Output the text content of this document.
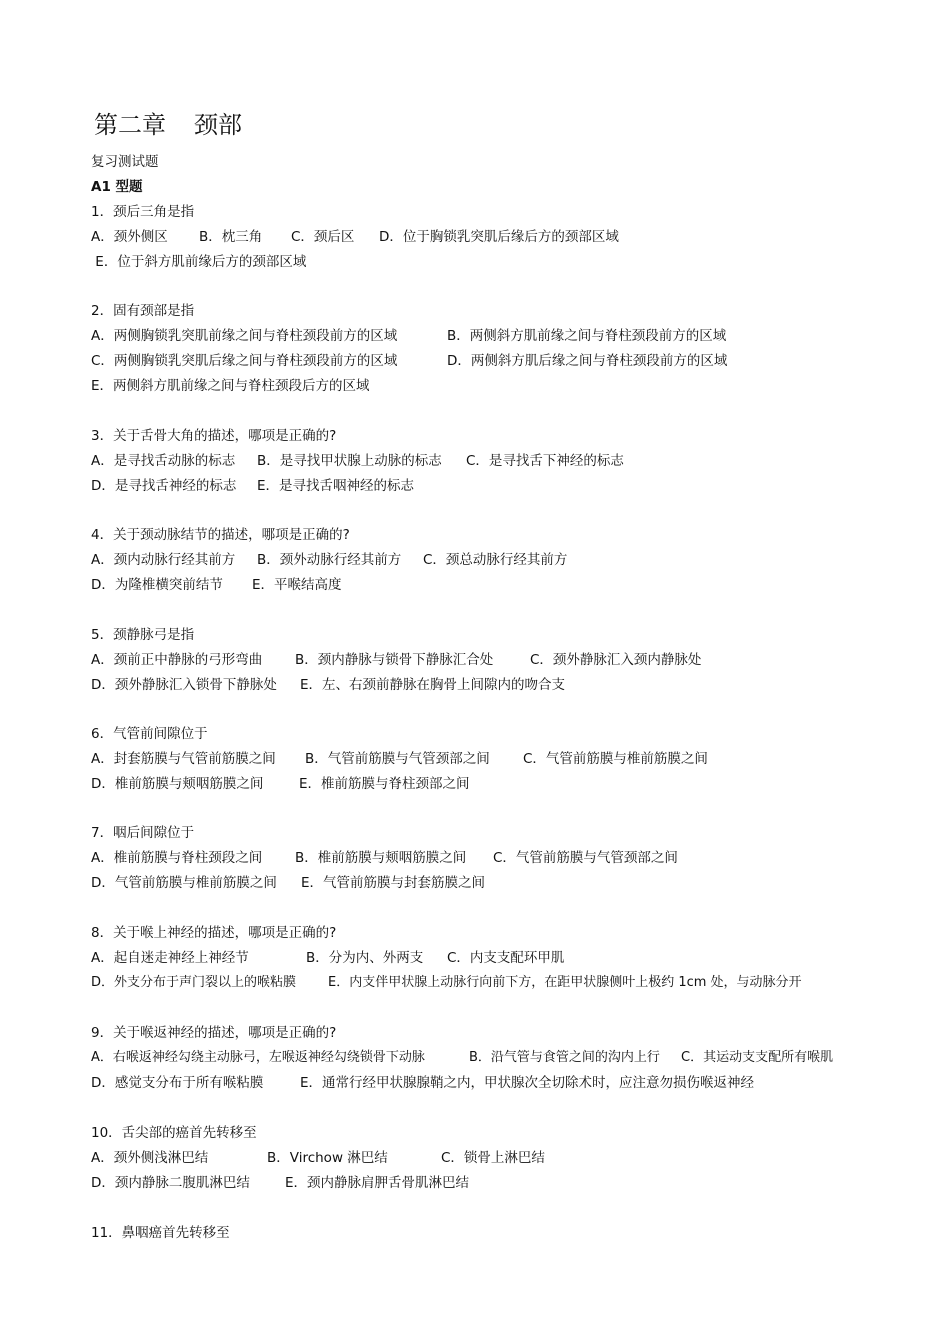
第二章 颈部
复习测试题
A1 型题
1．颈后三角是指
A．颈外侧区 B．枕三角 C．颈后区 D．位于胸锁乳突肌后缘后方的颈部区域
E．位于斜方肌前缘后方的颈部区域
2．固有颈部是指
A．两侧胸锁乳突肌前缘之间与脊柱颈段前方的区域	B．两侧斜方肌前缘之间与脊柱颈段前方的区域
C．两侧胸锁乳突肌后缘之间与脊柱颈段前方的区域	D．两侧斜方肌后缘之间与脊柱颈段前方的区域
E．两侧斜方肌前缘之间与脊柱颈段后方的区域
3．关于舌骨大角的描述，哪项是正确的?
A．是寻找舌动脉的标志 B．是寻找甲状腺上动脉的标志 C．是寻找舌下神经的标志
D．是寻找舌神经的标志 E．是寻找舌咽神经的标志
4．关于颈动脉结节的描述，哪项是正确的?
A．颈内动脉行经其前方 B．颈外动脉行经其前方 C．颈总动脉行经其前方
D．为隆椎横突前结节 E．平喉结高度
5．颈静脉弓是指
A．颈前正中静脉的弓形弯曲 B．颈内静脉与锁骨下静脉汇合处	C．颈外静脉汇入颈内静脉处
D．颈外静脉汇入锁骨下静脉处 E．左、右颈前静脉在胸骨上间隙内的吻合支
6．气管前间隙位于
A．封套筋膜与气管前筋膜之间 B．气管前筋膜与气管颈部之间 C．气管前筋膜与椎前筋膜之间
D．椎前筋膜与颊咽筋膜之间	E．椎前筋膜与脊柱颈部之间
7．咽后间隙位于
A．椎前筋膜与脊柱颈段之间 B．椎前筋膜与颊咽筋膜之间 C．气管前筋膜与气管颈部之间
D．气管前筋膜与椎前筋膜之间 E．气管前筋膜与封套筋膜之间
8．关于喉上神经的描述，哪项是正确的?
A．起自迷走神经上神经节	B．分为内、外两支 C．内支支配环甲肌
D．外支分布于声门裂以上的喉粘膜 E．内支伴甲状腺上动脉行向前下方，在距甲状腺侧叶上极约 1cm 处，与动脉分开
9．关于喉返神经的描述，哪项是正确的?
A．右喉返神经勾绕主动脉弓，左喉返神经勾绕锁骨下动脉	B．沿气管与食管之间的沟内上行 C．其运动支支配所有喉肌
D．感觉支分布于所有喉粘膜	E．通常行经甲状腺腺鞘之内，甲状腺次全切除术时，应注意勿损伤喉返神经
10．舌尖部的癌首先转移至
A．颈外侧浅淋巴结	B．Virchow 淋巴结	C．锁骨上淋巴结
D．颈内静脉二腹肌淋巴结	E．颈内静脉肩胛舌骨肌淋巴结
11．鼻咽癌首先转移至
